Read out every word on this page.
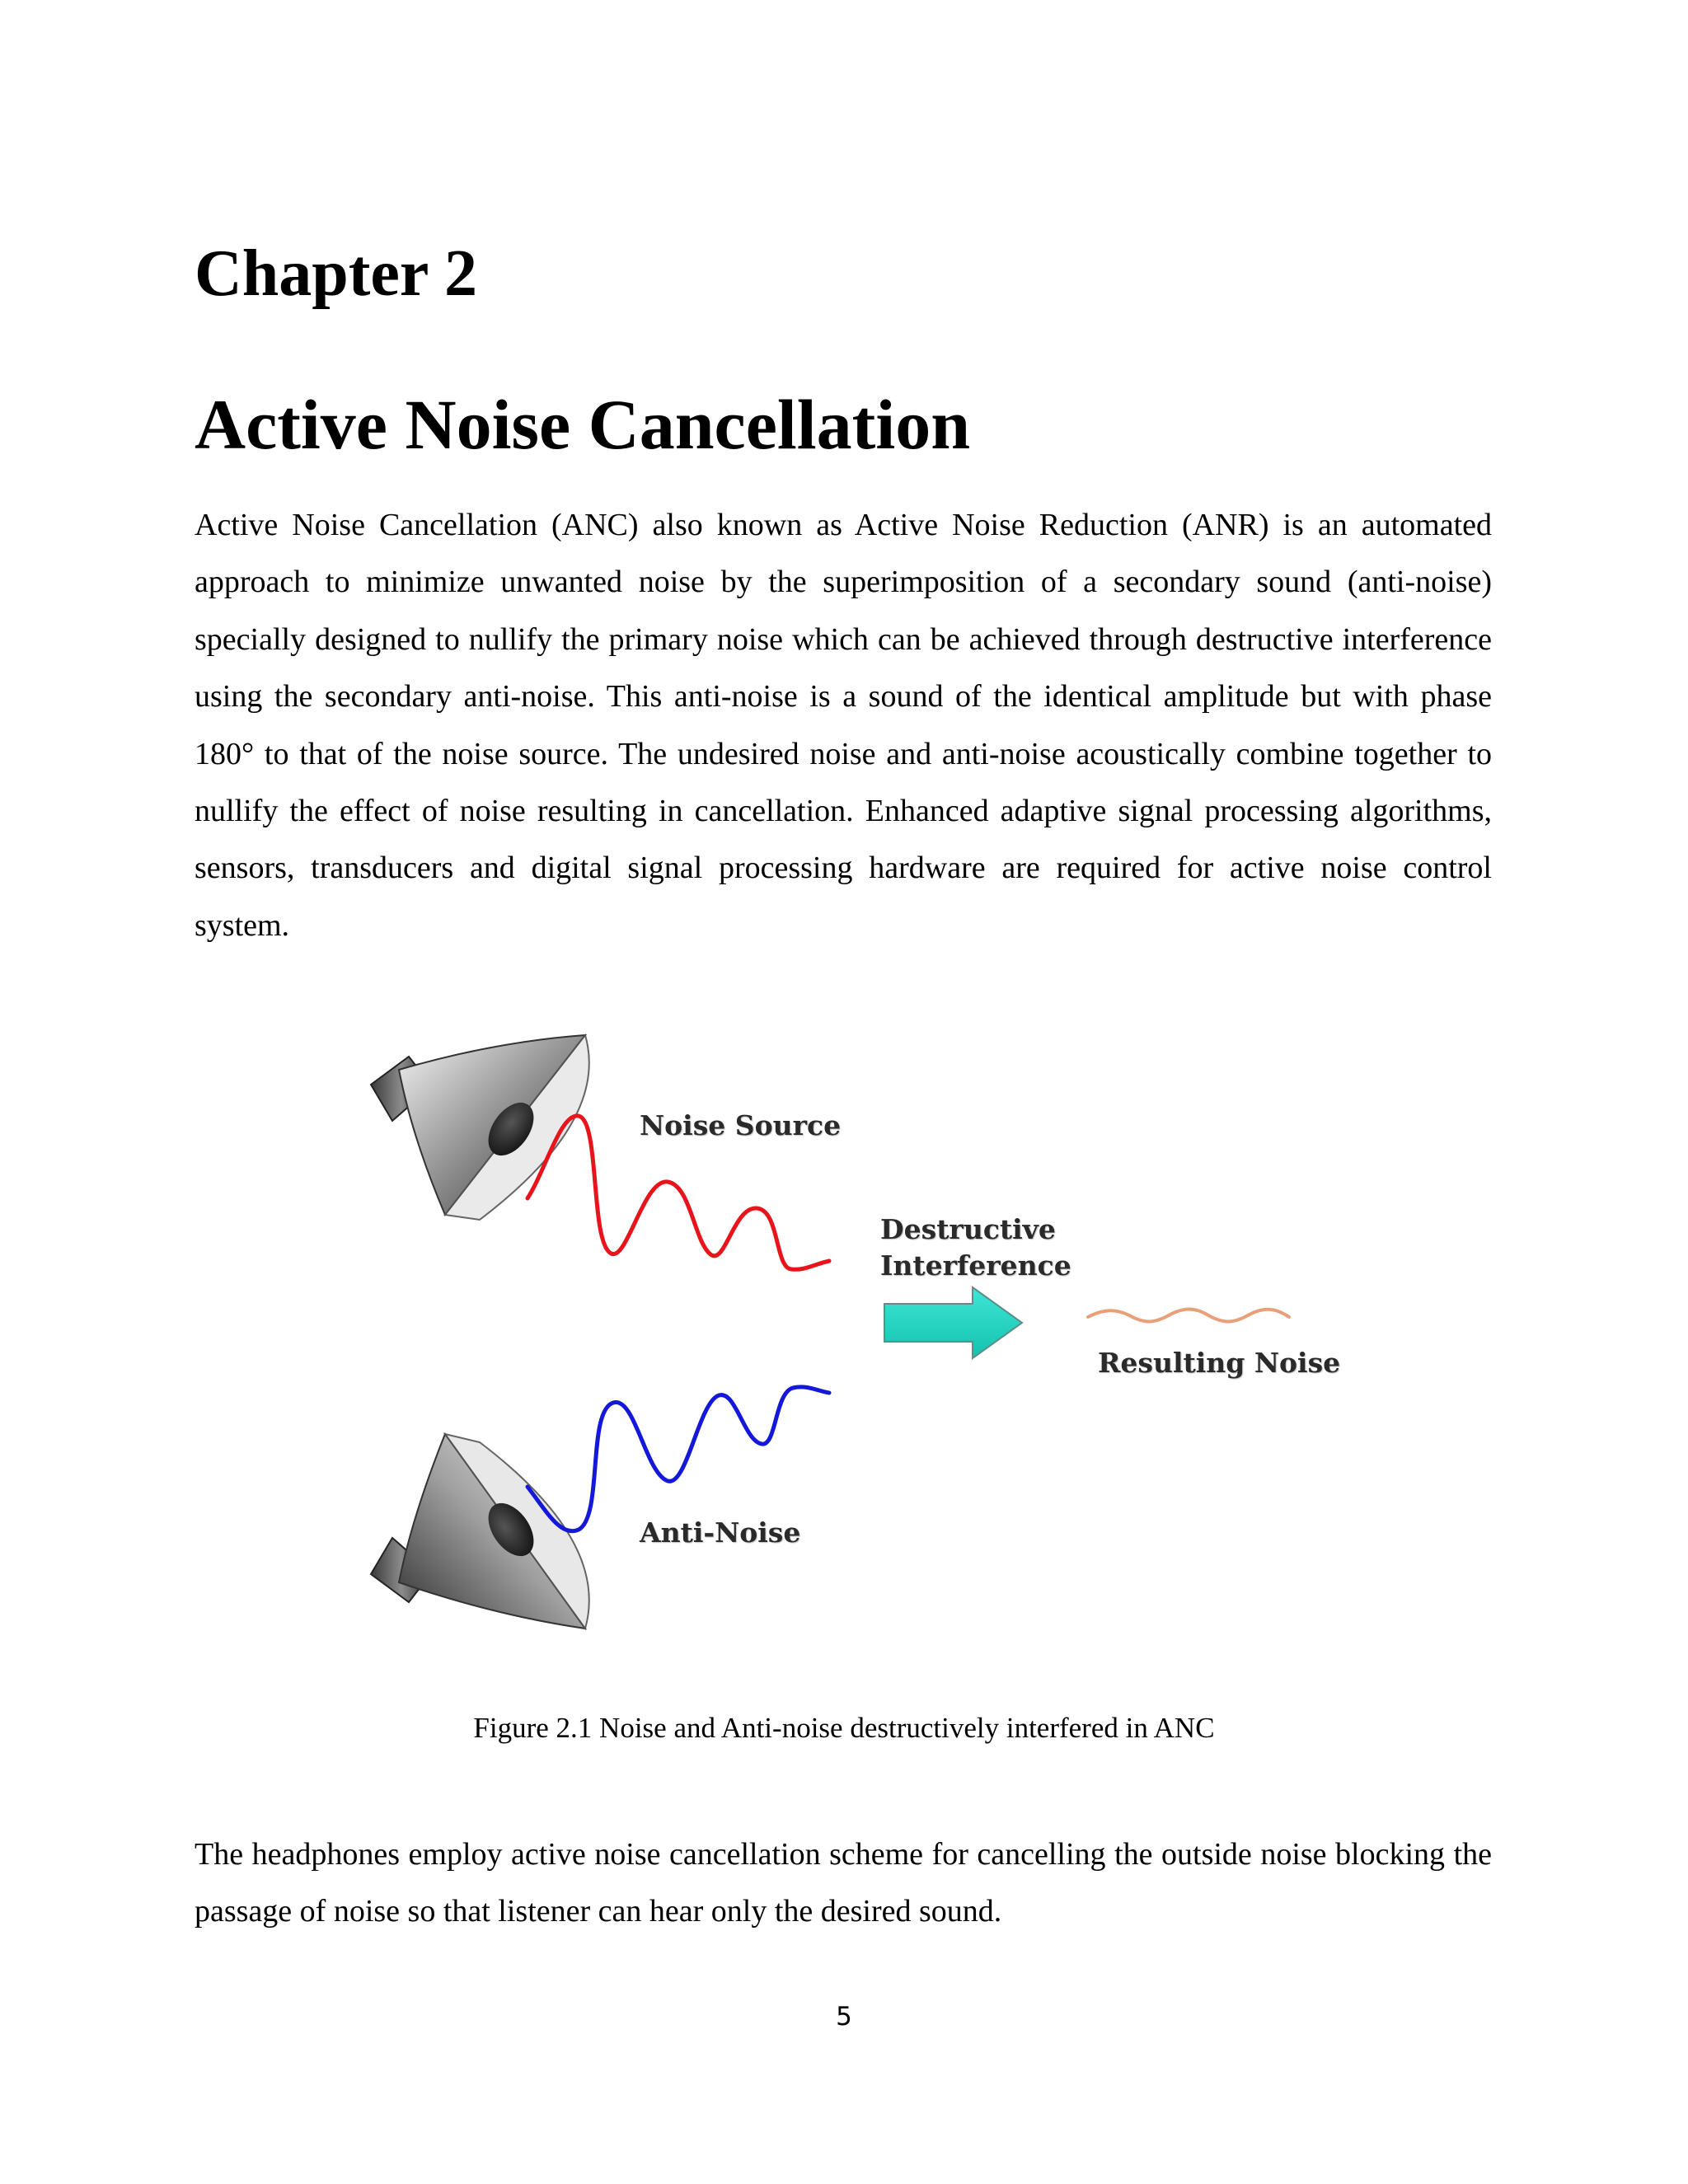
Chapter 2
Active Noise Cancellation

Active Noise Cancellation (ANC) also known as Active Noise Reduction (ANR) is an automated approach to minimize unwanted noise by the superimposition of a secondary sound (anti-noise) specially designed to nullify the primary noise which can be achieved through destructive interference using the secondary anti-noise. This anti-noise is a sound of the identical amplitude but with phase 180° to that of the noise source. The undesired noise and anti-noise acoustically combine together to nullify the effect of noise resulting in cancellation. Enhanced adaptive signal processing algorithms, sensors, transducers and digital signal processing hardware are required for active noise control system.

Noise Source
Destructive
Interference
Resulting Noise
Anti-Noise

Figure 2.1 Noise and Anti-noise destructively interfered in ANC

The headphones employ active noise cancellation scheme for cancelling the outside noise blocking the passage of noise so that listener can hear only the desired sound.

5
